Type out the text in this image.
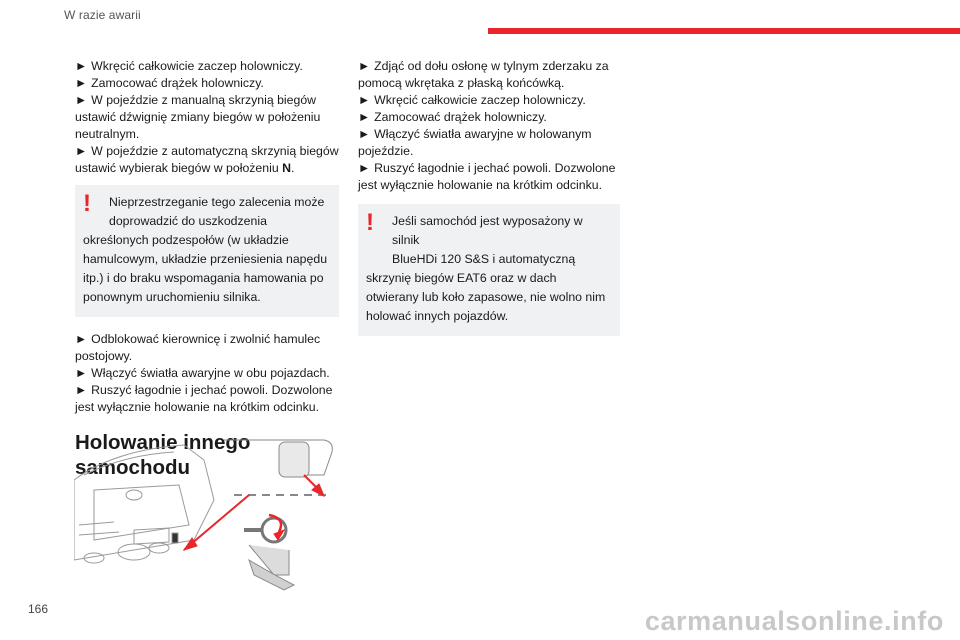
W razie awarii

► Wkręcić całkowicie zaczep holowniczy.

► Zamocować drążek holowniczy.

► W pojeździe z manualną skrzynią biegów ustawić dźwignię zmiany biegów w położeniu neutralnym.

► W pojeździe z automatyczną skrzynią biegów ustawić wybierak biegów w położeniu N.

!	Nieprzestrzeganie tego zalecenia może
doprowadzić do uszkodzenia
określonych podzespołów (w układzie hamulcowym, układzie przeniesienia napędu itp.) i do braku wspomagania hamowania po ponownym uruchomieniu silnika.

► Odblokować kierownicę i zwolnić hamulec postojowy.

► Włączyć światła awaryjne w obu pojazdach.

► Ruszyć łagodnie i jechać powoli. Dozwolone jest wyłącznie holowanie na krótkim odcinku.

Holowanie innego
samochodu

► Zdjąć od dołu osłonę w tylnym zderzaku za pomocą wkrętaka z płaską końcówką.

► Wkręcić całkowicie zaczep holowniczy.

► Zamocować drążek holowniczy.

► Włączyć światła awaryjne w holowanym pojeździe.

► Ruszyć łagodnie i jechać powoli. Dozwolone jest wyłącznie holowanie na krótkim odcinku.

!	Jeśli samochód jest wyposażony w silnik
BlueHDi 120 S&S i automatyczną
skrzynię biegów EAT6 oraz w dach otwierany lub koło zapasowe, nie wolno nim holować innych pojazdów.
166	carmanualsonline.info
